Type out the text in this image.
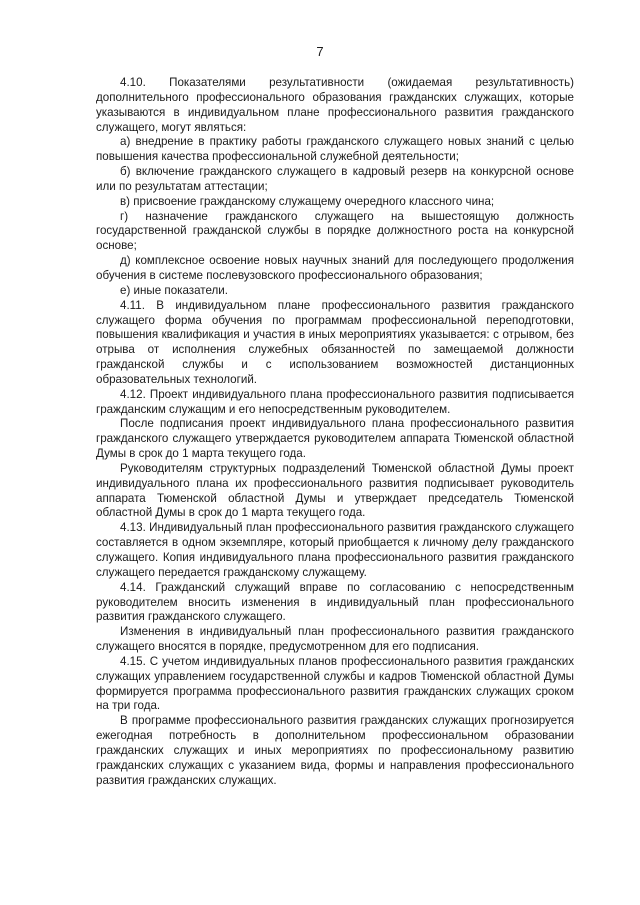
7

4.10. Показателями результативности (ожидаемая результативность) дополнительного профессионального образования гражданских служащих, которые указываются в индивидуальном плане профессионального развития гражданского служащего, могут являться:

а) внедрение в практику работы гражданского служащего новых знаний с целью повышения качества профессиональной служебной деятельности;

б) включение гражданского служащего в кадровый резерв на конкурсной основе или по результатам аттестации;

в) присвоение гражданскому служащему очередного классного чина;

г) назначение гражданского служащего на вышестоящую должность государственной гражданской службы в порядке должностного роста на конкурсной основе;

д) комплексное освоение новых научных знаний для последующего продолжения обучения в системе послевузовского профессионального образования;

е) иные показатели.

4.11. В индивидуальном плане профессионального развития гражданского служащего форма обучения по программам профессиональной переподготовки, повышения квалификация и участия в иных мероприятиях указывается: с отрывом, без отрыва от исполнения служебных обязанностей по замещаемой должности гражданской службы и с использованием возможностей дистанционных образовательных технологий.

4.12. Проект индивидуального плана профессионального развития подписывается гражданским служащим и его непосредственным руководителем.

После подписания проект индивидуального плана профессионального развития гражданского служащего утверждается руководителем аппарата Тюменской областной Думы в срок до 1 марта текущего года.

Руководителям структурных подразделений Тюменской областной Думы проект индивидуального плана их профессионального развития подписывает руководитель аппарата Тюменской областной Думы и утверждает председатель Тюменской областной Думы в срок до 1 марта текущего года.

4.13. Индивидуальный план профессионального развития гражданского служащего составляется в одном экземпляре, который приобщается к личному делу гражданского служащего. Копия индивидуального плана профессионального развития гражданского служащего передается гражданскому служащему.

4.14. Гражданский служащий вправе по согласованию с непосредственным руководителем вносить изменения в индивидуальный план профессионального развития гражданского служащего.

Изменения в индивидуальный план профессионального развития гражданского служащего вносятся в порядке, предусмотренном для его подписания.

4.15. С учетом индивидуальных планов профессионального развития гражданских служащих управлением государственной службы и кадров Тюменской областной Думы формируется программа профессионального развития гражданских служащих сроком на три года.

В программе профессионального развития гражданских служащих прогнозируется ежегодная потребность в дополнительном профессиональном образовании гражданских служащих и иных мероприятиях по профессиональному развитию гражданских служащих с указанием вида, формы и направления профессионального развития гражданских служащих.
